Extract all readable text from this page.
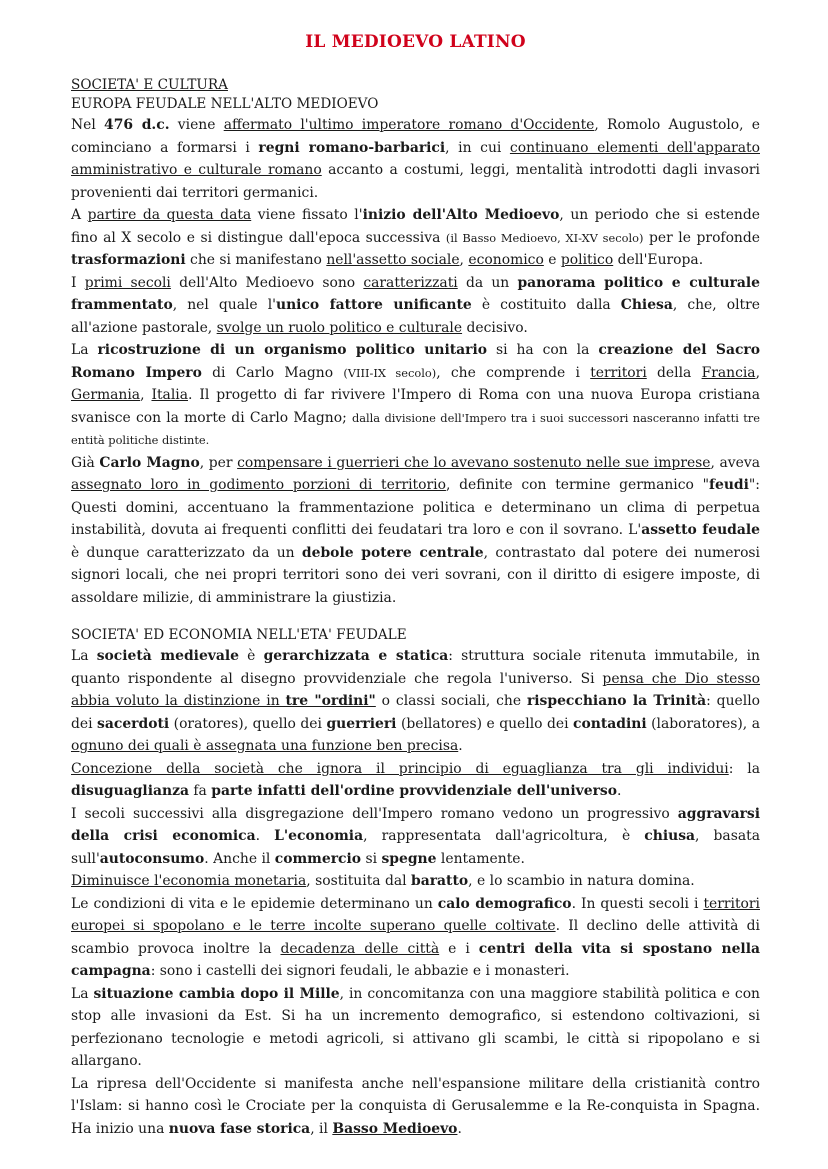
IL MEDIOEVO LATINO
SOCIETA' E CULTURA
EUROPA FEUDALE NELL'ALTO MEDIOEVO

Nel 476 d.c. viene affermato l'ultimo imperatore romano d'Occidente, Romolo Augustolo, e cominciano a formarsi i regni romano-barbarici, in cui continuano elementi dell'apparato amministrativo e culturale romano accanto a costumi, leggi, mentalità introdotti dagli invasori provenienti dai territori germanici.

A partire da questa data viene fissato l'inizio dell'Alto Medioevo, un periodo che si estende fino al X secolo e si distingue dall'epoca successiva (il Basso Medioevo, XI-XV secolo) per le profonde trasformazioni che si manifestano nell'assetto sociale, economico e politico dell'Europa.

I primi secoli dell'Alto Medioevo sono caratterizzati da un panorama politico e culturale frammentato, nel quale l'unico fattore unificante è costituito dalla Chiesa, che, oltre all'azione pastorale, svolge un ruolo politico e culturale decisivo.

La ricostruzione di un organismo politico unitario si ha con la creazione del Sacro Romano Impero di Carlo Magno (VIII-IX secolo), che comprende i territori della Francia, Germania, Italia. Il progetto di far rivivere l'Impero di Roma con una nuova Europa cristiana svanisce con la morte di Carlo Magno; dalla divisione dell'Impero tra i suoi successori nasceranno infatti tre entità politiche distinte.

Già Carlo Magno, per compensare i guerrieri che lo avevano sostenuto nelle sue imprese, aveva assegnato loro in godimento porzioni di territorio, definite con termine germanico "feudi": Questi domini, accentuano la frammentazione politica e determinano un clima di perpetua instabilità, dovuta ai frequenti conflitti dei feudatari tra loro e con il sovrano. L'assetto feudale è dunque caratterizzato da un debole potere centrale, contrastato dal potere dei numerosi signori locali, che nei propri territori sono dei veri sovrani, con il diritto di esigere imposte, di assoldare milizie, di amministrare la giustizia.

SOCIETA' ED ECONOMIA NELL'ETA' FEUDALE

La società medievale è gerarchizzata e statica: struttura sociale ritenuta immutabile, in quanto rispondente al disegno provvidenziale che regola l'universo. Si pensa che Dio stesso abbia voluto la distinzione in tre "ordini" o classi sociali, che rispecchiano la Trinità: quello dei sacerdoti (oratores), quello dei guerrieri (bellatores) e quello dei contadini (laboratores), a ognuno dei quali è assegnata una funzione ben precisa.

Concezione della società che ignora il principio di eguaglianza tra gli individui: la disuguaglianza fa parte infatti dell'ordine provvidenziale dell'universo.

I secoli successivi alla disgregazione dell'Impero romano vedono un progressivo aggravarsi della crisi economica. L'economia, rappresentata dall'agricoltura, è chiusa, basata sull'autoconsumo. Anche il commercio si spegne lentamente.

Diminuisce l'economia monetaria, sostituita dal baratto, e lo scambio in natura domina.

Le condizioni di vita e le epidemie determinano un calo demografico. In questi secoli i territori europei si spopolano e le terre incolte superano quelle coltivate. Il declino delle attività di scambio provoca inoltre la decadenza delle città e i centri della vita si spostano nella campagna: sono i castelli dei signori feudali, le abbazie e i monasteri.

La situazione cambia dopo il Mille, in concomitanza con una maggiore stabilità politica e con stop alle invasioni da Est. Si ha un incremento demografico, si estendono coltivazioni, si perfezionano tecnologie e metodi agricoli, si attivano gli scambi, le città si ripopolano e si allargano.

La ripresa dell'Occidente si manifesta anche nell'espansione militare della cristianità contro l'Islam: si hanno così le Crociate per la conquista di Gerusalemme e la Re-conquista in Spagna. Ha inizio una nuova fase storica, il Basso Medioevo.
